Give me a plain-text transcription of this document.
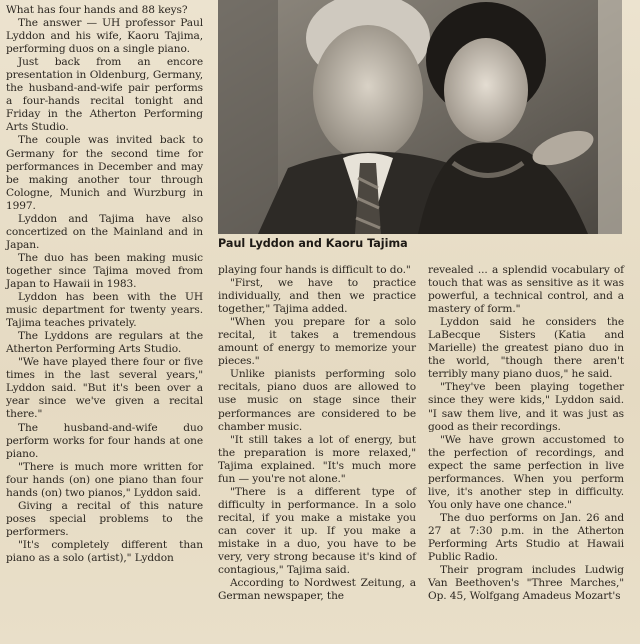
What has four hands and 88 keys?

The answer — UH professor Paul Lyddon and his wife, Kaoru Tajima, performing duos on a single piano.

Just back from an encore presentation in Oldenburg, Germany, the husband-and-wife pair performs a four-hands recital tonight and Friday in the Atherton Performing Arts Studio.

The couple was invited back to Germany for the second time for performances in December and may be making another tour through Cologne, Munich and Wurzburg in 1997.

Lyddon and Tajima have also concertized on the Mainland and in Japan.

The duo has been making music together since Tajima moved from Japan to Hawaii in 1983.

Lyddon has been with the UH music department for twenty years. Tajima teaches privately.

The Lyddons are regulars at the Atherton Performing Arts Studio.

"We have played there four or five times in the last several years," Lyddon said. "But it's been over a year since we've given a recital there."

The husband-and-wife duo perform works for four hands at one piano.

"There is much more written for four hands (on) one piano than four hands (on) two pianos," Lyddon said.

Giving a recital of this nature poses special problems to the performers.

"It's completely different than piano as a solo (artist)," Lyddon

Paul Lyddon and Kaoru Tajima

playing four hands is difficult to do."

"First, we have to practice individually, and then we practice together," Tajima added.

"When you prepare for a solo recital, it takes a tremendous amount of energy to memorize your pieces."

Unlike pianists performing solo recitals, piano duos are allowed to use music on stage since their performances are considered to be chamber music.

"It still takes a lot of energy, but the preparation is more relaxed," Tajima explained. "It's much more fun — you're not alone."

"There is a different type of difficulty in performance. In a solo recital, if you make a mistake you can cover it up. If you make a mistake in a duo, you have to be very, very strong because it's kind of contagious," Tajima said.

According to Nordwest Zeitung, a German newspaper, the

revealed ... a splendid vocabulary of touch that was as sensitive as it was powerful, a technical control, and a mastery of form."

Lyddon said he considers the LaBecque Sisters (Katia and Marielle) the greatest piano duo in the world, "though there aren't terribly many piano duos," he said.

"They've been playing together since they were kids," Lyddon said. "I saw them live, and it was just as good as their recordings.

"We have grown accustomed to the perfection of recordings, and expect the same perfection in live performances. When you perform live, it's another step in difficulty. You only have one chance."

The duo performs on Jan. 26 and 27 at 7:30 p.m. in the Atherton Performing Arts Studio at Hawaii Public Radio.

Their program includes Ludwig Van Beethoven's "Three Marches," Op. 45, Wolfgang Amadeus Mozart's
